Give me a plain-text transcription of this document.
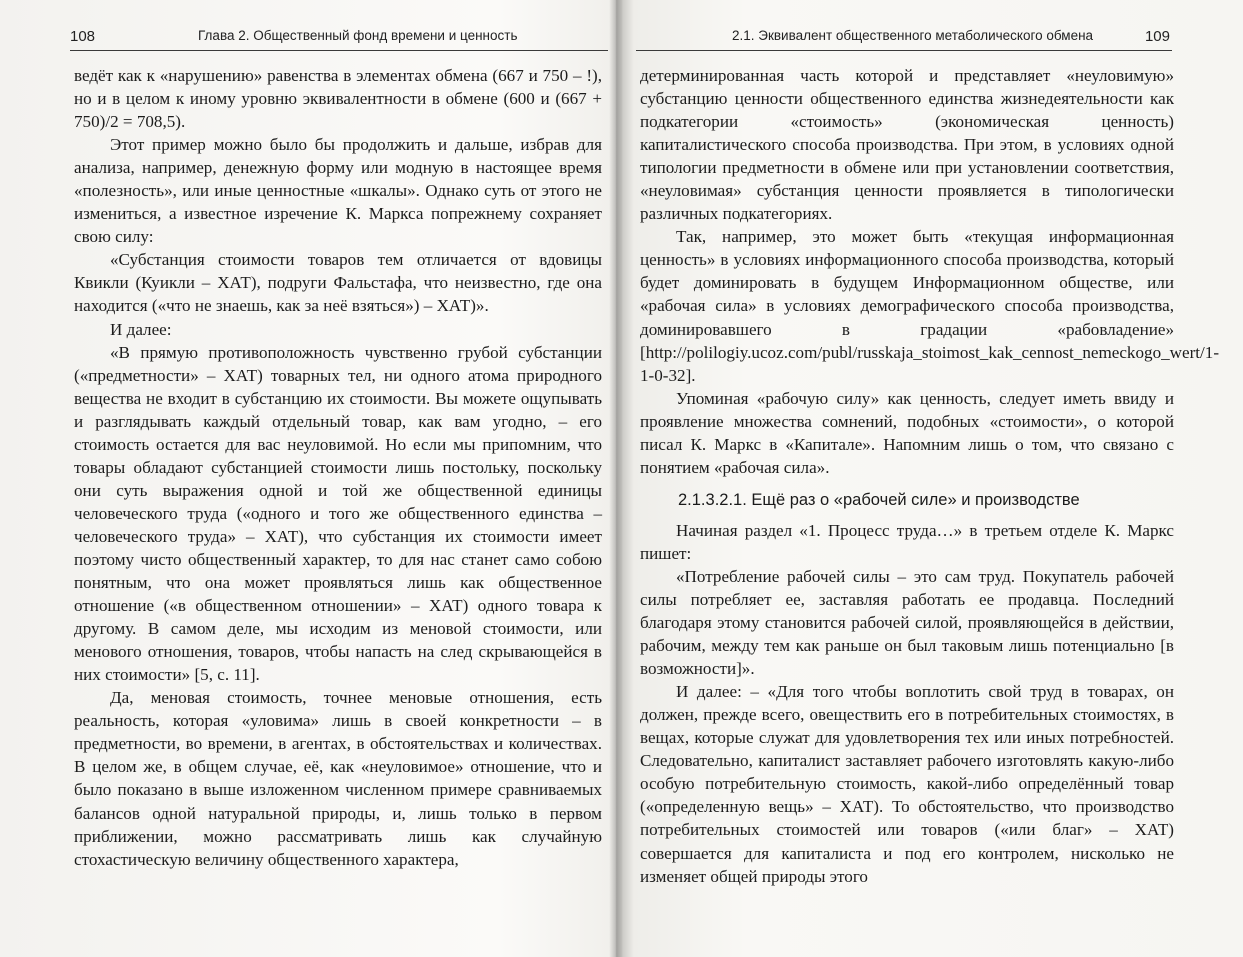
108	Глава 2. Общественный фонд времени и ценность

ведёт как к «нарушению» равенства в элементах обмена (667 и 750 – !), но и в целом к иному уровню эквивалентности в обмене (600 и (667 + 750)/2 = 708,5).

Этот пример можно было бы продолжить и дальше, избрав для анализа, например, денежную форму или модную в настоящее время «полезность», или иные ценностные «шкалы». Однако суть от этого не измениться, а известное изречение К. Маркса попрежнему сохраняет свою силу:

«Субстанция стоимости товаров тем отличается от вдовицы Квикли (Куикли – ХАТ), подруги Фальстафа, что неизвестно, где она находится («что не знаешь, как за неё взяться») – ХАТ)».

И далее:

«В прямую противоположность чувственно грубой субстанции («предметности» – ХАТ) товарных тел, ни одного атома природного вещества не входит в субстанцию их стоимости. Вы можете ощупывать и разглядывать каждый отдельный товар, как вам угодно, – его стоимость остается для вас неуловимой. Но если мы припомним, что товары обладают субстанцией стоимости лишь постольку, поскольку они суть выражения одной и той же общественной единицы человеческого труда («одного и того же общественного единства – человеческого труда» – ХАТ), что субстанция их стоимости имеет поэтому чисто общественный характер, то для нас станет само собою понятным, что она может проявляться лишь как общественное отношение («в общественном отношении» – ХАТ) одного товара к другому. В самом деле, мы исходим из меновой стоимости, или менового отношения, товаров, чтобы напасть на след скрывающейся в них стоимости» [5, с. 11].

Да, меновая стоимость, точнее меновые отношения, есть реальность, которая «уловима» лишь в своей конкретности – в предметности, во времени, в агентах, в обстоятельствах и количествах. В целом же, в общем случае, её, как «неуловимое» отношение, что и было показано в выше изложенном численном примере сравниваемых балансов одной натуральной природы, и, лишь только в первом приближении, можно рассматривать лишь как случайную стохастическую величину общественного характера,

2.1. Эквивалент общественного метаболического обмена	109

детерминированная часть которой и представляет «неуловимую» субстанцию ценности общественного единства жизнедеятельности как подкатегории «стоимость» (экономическая ценность) капиталистического способа производства. При этом, в условиях одной типологии предметности в обмене или при установлении соответствия, «неуловимая» субстанция ценности проявляется в типологически различных подкатегориях.

Так, например, это может быть «текущая информационная ценность» в условиях информационного способа производства, который будет доминировать в будущем Информационном обществе, или «рабочая сила» в условиях демографического способа производства, доминировавшего в градации «рабовладение» [http://polilogiy.ucoz.com/publ/russkaja_stoimost_kak_cennost_nemeckogo_wert/1-1-0-32].

Упоминая «рабочую силу» как ценность, следует иметь ввиду и проявление множества сомнений, подобных «стоимости», о которой писал К. Маркс в «Капитале». Напомним лишь о том, что связано с понятием «рабочая сила».

2.1.3.2.1. Ещё раз о «рабочей силе» и производстве

Начиная раздел «1. Процесс труда…» в третьем отделе К. Маркс пишет:

«Потребление рабочей силы – это сам труд. Покупатель рабочей силы потребляет ее, заставляя работать ее продавца. Последний благодаря этому становится рабочей силой, проявляющейся в действии, рабочим, между тем как раньше он был таковым лишь потенциально [в возможности]».

И далее: – «Для того чтобы воплотить свой труд в товарах, он должен, прежде всего, овеществить его в потребительных стоимостях, в вещах, которые служат для удовлетворения тех или иных потребностей. Следовательно, капиталист заставляет рабочего изготовлять какую-либо особую потребительную стоимость, какой-либо определённый товар («определенную вещь» – ХАТ). То обстоятельство, что производство потребительных стоимостей или товаров («или благ» – ХАТ) совершается для капиталиста и под его контролем, нисколько не изменяет общей природы этого
